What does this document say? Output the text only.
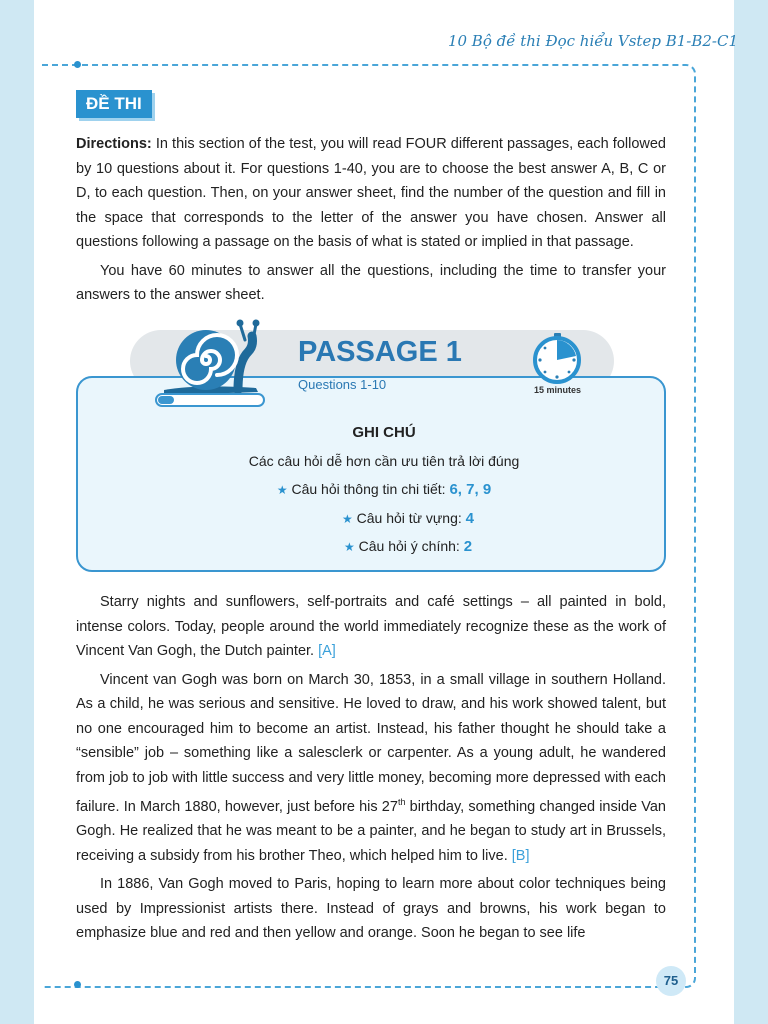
10 Bộ đề thi Đọc hiểu Vstep B1-B2-C1
ĐỀ THI

Directions: In this section of the test, you will read FOUR different passages, each followed by 10 questions about it. For questions 1-40, you are to choose the best answer A, B, C or D, to each question. Then, on your answer sheet, find the number of the question and fill in the space that corresponds to the letter of the answer you have chosen. Answer all questions following a passage on the basis of what is stated or implied in that passage.

You have 60 minutes to answer all the questions, including the time to transfer your answers to the answer sheet.

PASSAGE 1
Questions 1-10	15 minutes
GHI CHÚ
Các câu hỏi dễ hơn cần ưu tiên trả lời đúng
★ Câu hỏi thông tin chi tiết: 6, 7, 9
★ Câu hỏi từ vựng: 4
★ Câu hỏi ý chính: 2

Starry nights and sunflowers, self-portraits and café settings – all painted in bold, intense colors. Today, people around the world immediately recognize these as the work of Vincent Van Gogh, the Dutch painter. [A]

Vincent van Gogh was born on March 30, 1853, in a small village in southern Holland. As a child, he was serious and sensitive. He loved to draw, and his work showed talent, but no one encouraged him to become an artist. Instead, his father thought he should take a “sensible” job – something like a salesclerk or carpenter. As a young adult, he wandered from job to job with little success and very little money, becoming more depressed with each failure. In March 1880, however, just before his 27th birthday, something changed inside Van Gogh. He realized that he was meant to be a painter, and he began to study art in Brussels, receiving a subsidy from his brother Theo, which helped him to live. [B]

In 1886, Van Gogh moved to Paris, hoping to learn more about color techniques being used by Impressionist artists there. Instead of grays and browns, his work began to emphasize blue and red and then yellow and orange. Soon he began to see life

75
